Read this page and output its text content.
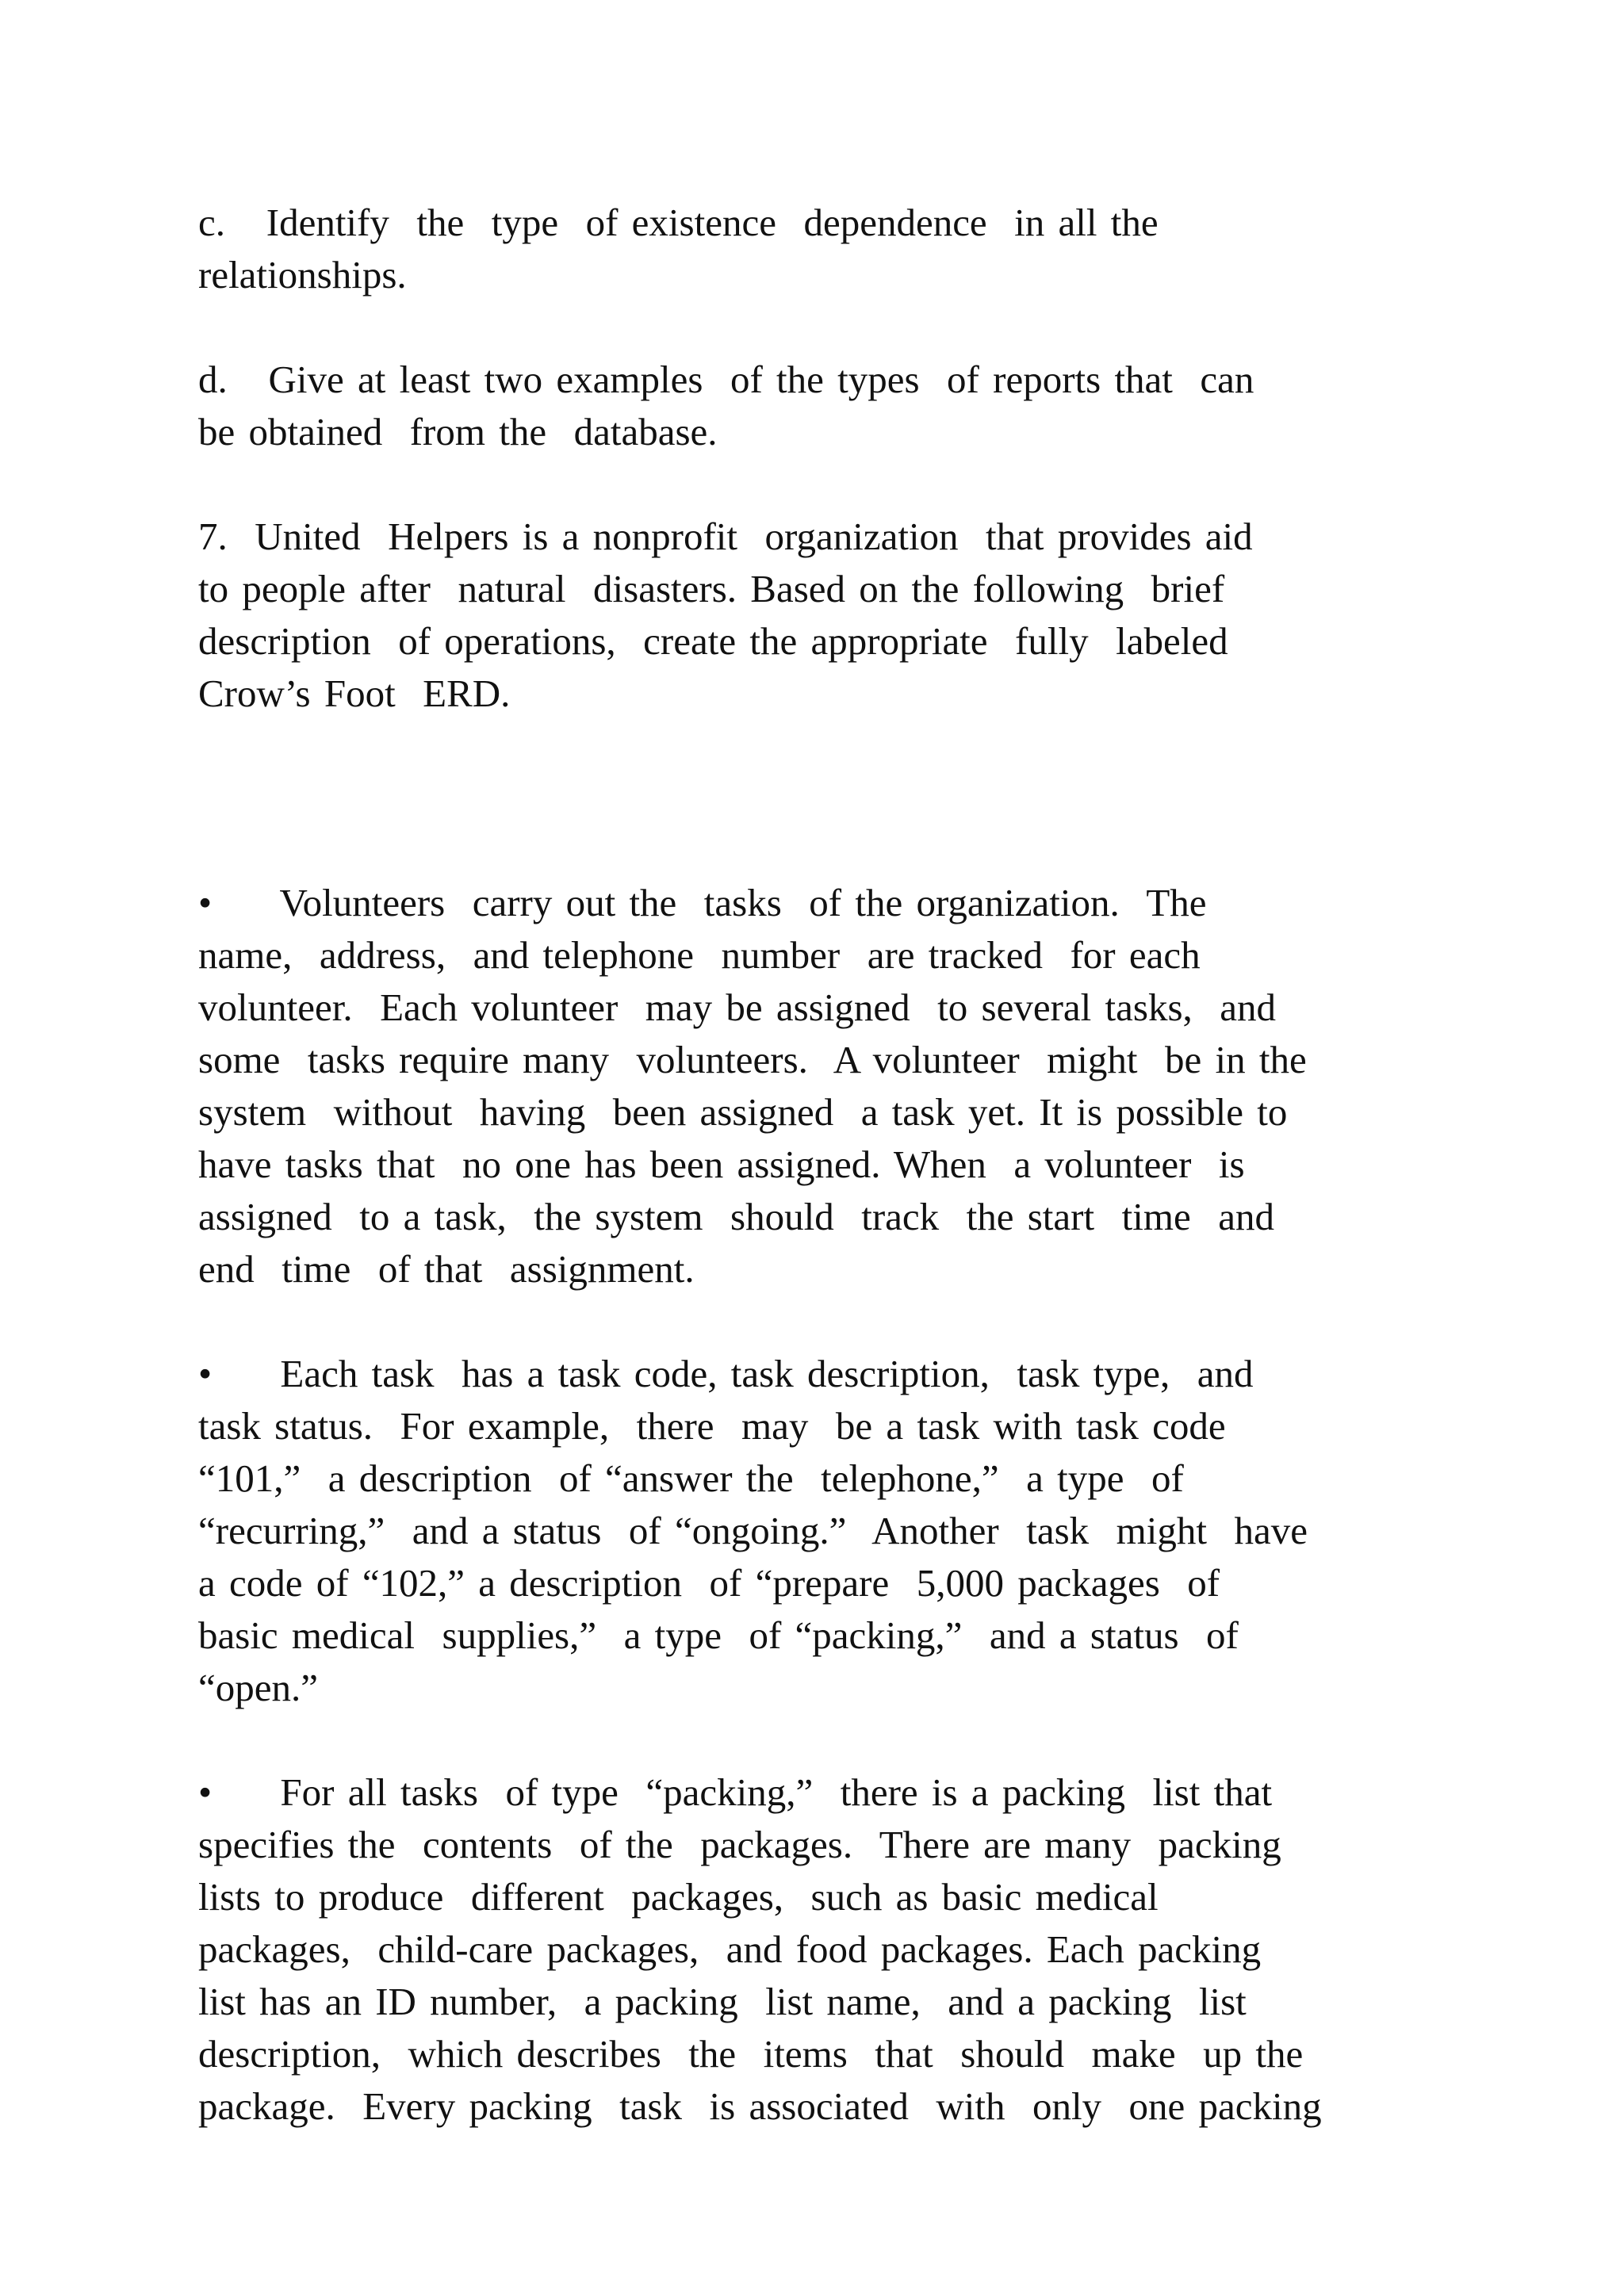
c.   Identify  the  type  of existence  dependence  in all the
relationships.

d.   Give at least two examples  of the types  of reports that  can
be obtained  from the  database.

7.  United  Helpers is a nonprofit  organization  that provides aid
to people after  natural  disasters. Based on the following  brief
description  of operations,  create the appropriate  fully  labeled
Crow’s Foot  ERD.

•     Volunteers  carry out the  tasks  of the organization.  The
name,  address,  and telephone  number  are tracked  for each
volunteer.  Each volunteer  may be assigned  to several tasks,  and
some  tasks require many  volunteers.  A volunteer  might  be in the
system  without  having  been assigned  a task yet. It is possible to
have tasks that  no one has been assigned. When  a volunteer  is
assigned  to a task,  the system  should  track  the start  time  and
end  time  of that  assignment.

•     Each task  has a task code, task description,  task type,  and
task status.  For example,  there  may  be a task with task code
“101,”  a description  of “answer the  telephone,”  a type  of
“recurring,”  and a status  of “ongoing.”  Another  task  might  have
a code of “102,” a description  of “prepare  5,000 packages  of
basic medical  supplies,”  a type  of “packing,”  and a status  of
“open.”

•     For all tasks  of type  “packing,”  there is a packing  list that
specifies the  contents  of the  packages.  There are many  packing
lists to produce  different  packages,  such as basic medical
packages,  child-care packages,  and food packages. Each packing
list has an ID number,  a packing  list name,  and a packing  list
description,  which describes  the  items  that  should  make  up the
package.  Every packing  task  is associated  with  only  one packing
